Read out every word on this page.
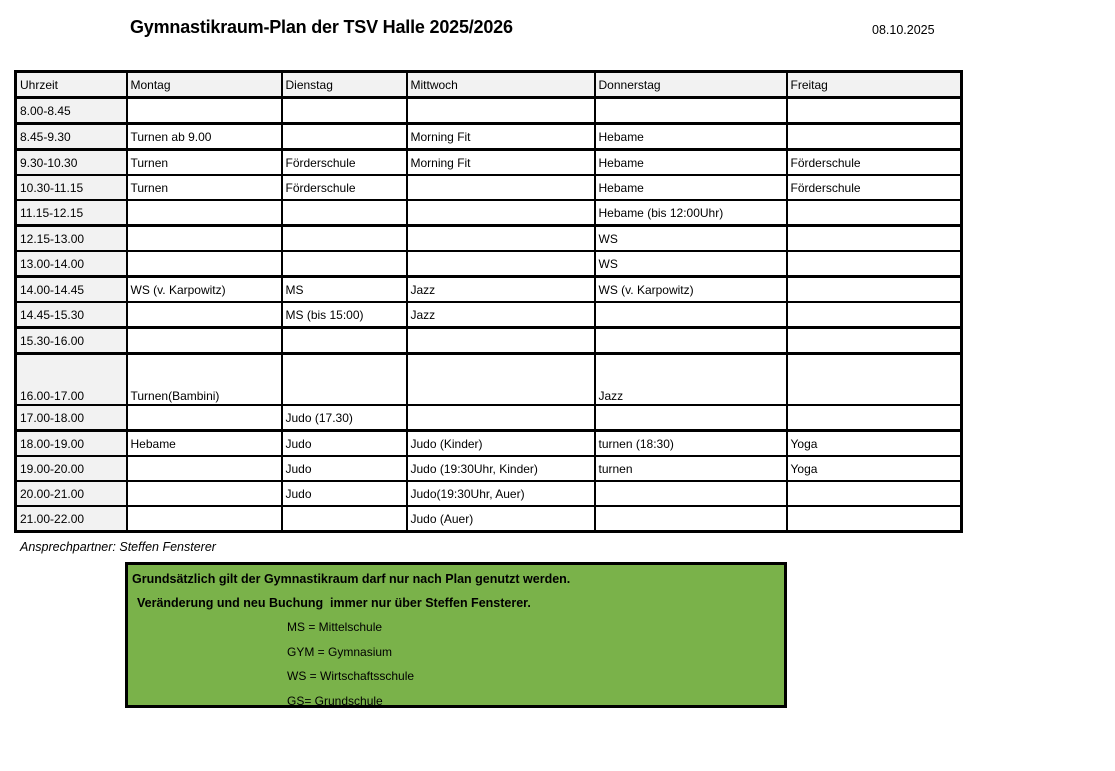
Gymnastikraum-Plan der TSV Halle 2025/2026	08.10.2025
Uhrzeit	Montag	Dienstag	Mittwoch	Donnerstag	Freitag
8.00-8.45					
8.45-9.30	Turnen ab 9.00		Morning Fit	Hebame	
9.30-10.30	Turnen	Förderschule	Morning Fit	Hebame	Förderschule
10.30-11.15	Turnen	Förderschule		Hebame	Förderschule
11.15-12.15				Hebame (bis 12:00Uhr)	
12.15-13.00				WS	
13.00-14.00				WS	
14.00-14.45	WS (v. Karpowitz)	MS	Jazz	WS (v. Karpowitz)	
14.45-15.30		MS (bis 15:00)	Jazz		
15.30-16.00					
16.00-17.00	Turnen(Bambini)			Jazz	
17.00-18.00		Judo (17.30)			
18.00-19.00	Hebame	Judo	Judo (Kinder)	turnen (18:30)	Yoga
19.00-20.00		Judo	Judo (19:30Uhr, Kinder)	turnen	Yoga
20.00-21.00		Judo	Judo(19:30Uhr, Auer)		
21.00-22.00			Judo (Auer)		
Ansprechpartner: Steffen Fensterer
Grundsätzlich gilt der Gymnastikraum darf nur nach Plan genutzt werden.
Veränderung und neu Buchung  immer nur über Steffen Fensterer.
MS = Mittelschule
GYM = Gymnasium
WS = Wirtschaftsschule
GS= Grundschule
